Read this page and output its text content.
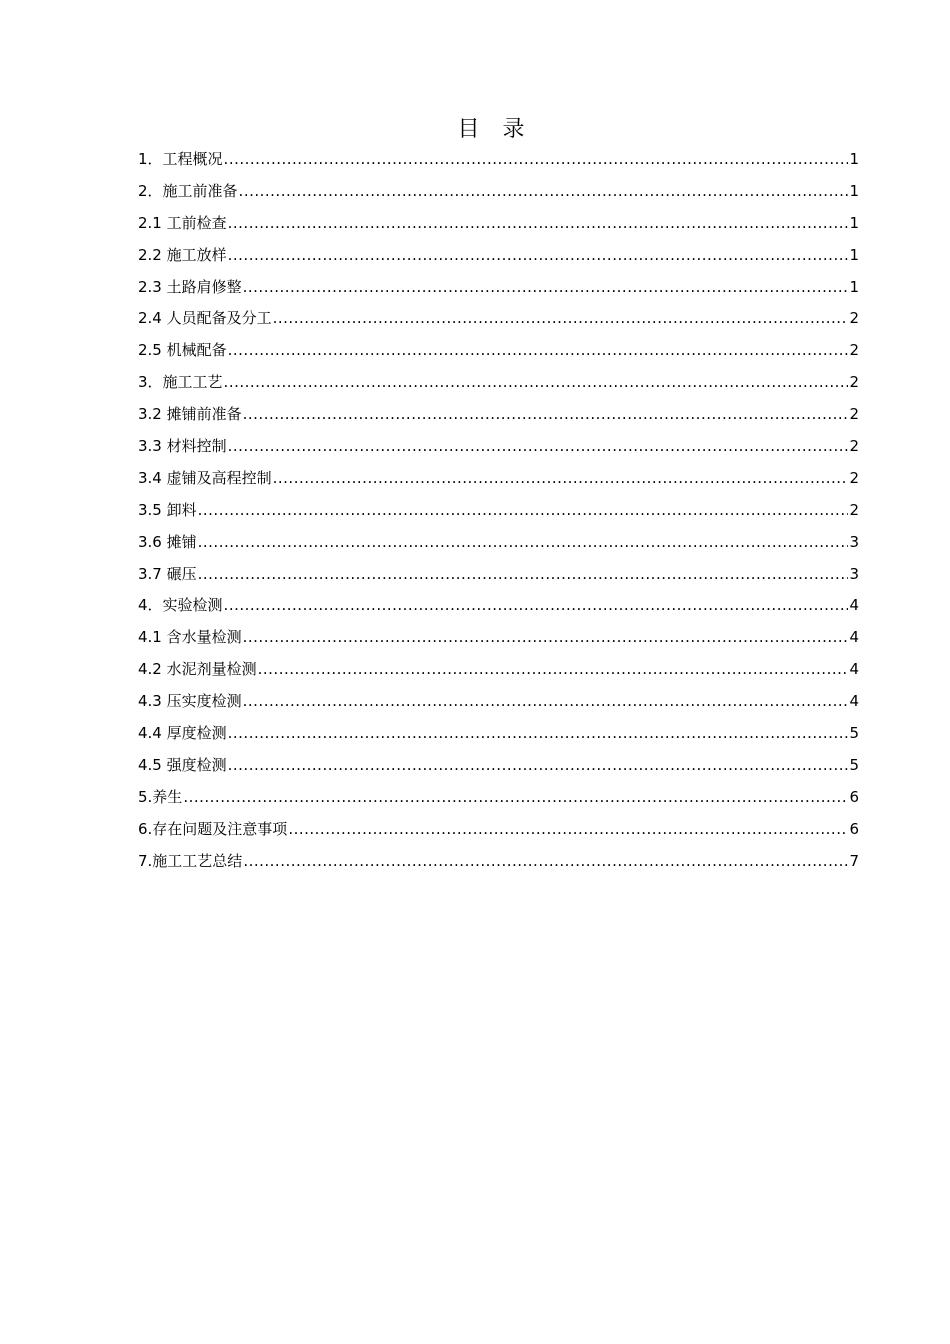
目 录
1．工程概况 .....	1
2．施工前准备 .....	1
2.1 工前检查 .....	1
2.2 施工放样 .....	1
2.3 土路肩修整 .....	1
2.4 人员配备及分工 .....	2
2.5 机械配备 .....	2
3．施工工艺 .....	2
3.2 摊铺前准备 .....	2
3.3 材料控制 .....	2
3.4 虚铺及高程控制 .....	2
3.5 卸料 .....	2
3.6 摊铺 .....	3
3.7 碾压 .....	3
4．实验检测 .....	4
4.1 含水量检测 .....	4
4.2 水泥剂量检测 .....	4
4.3 压实度检测 .....	4
4.4 厚度检测 .....	5
4.5 强度检测 .....	5
5.养生 .....	6
6.存在问题及注意事项 .....	6
7.施工工艺总结 .....	7
